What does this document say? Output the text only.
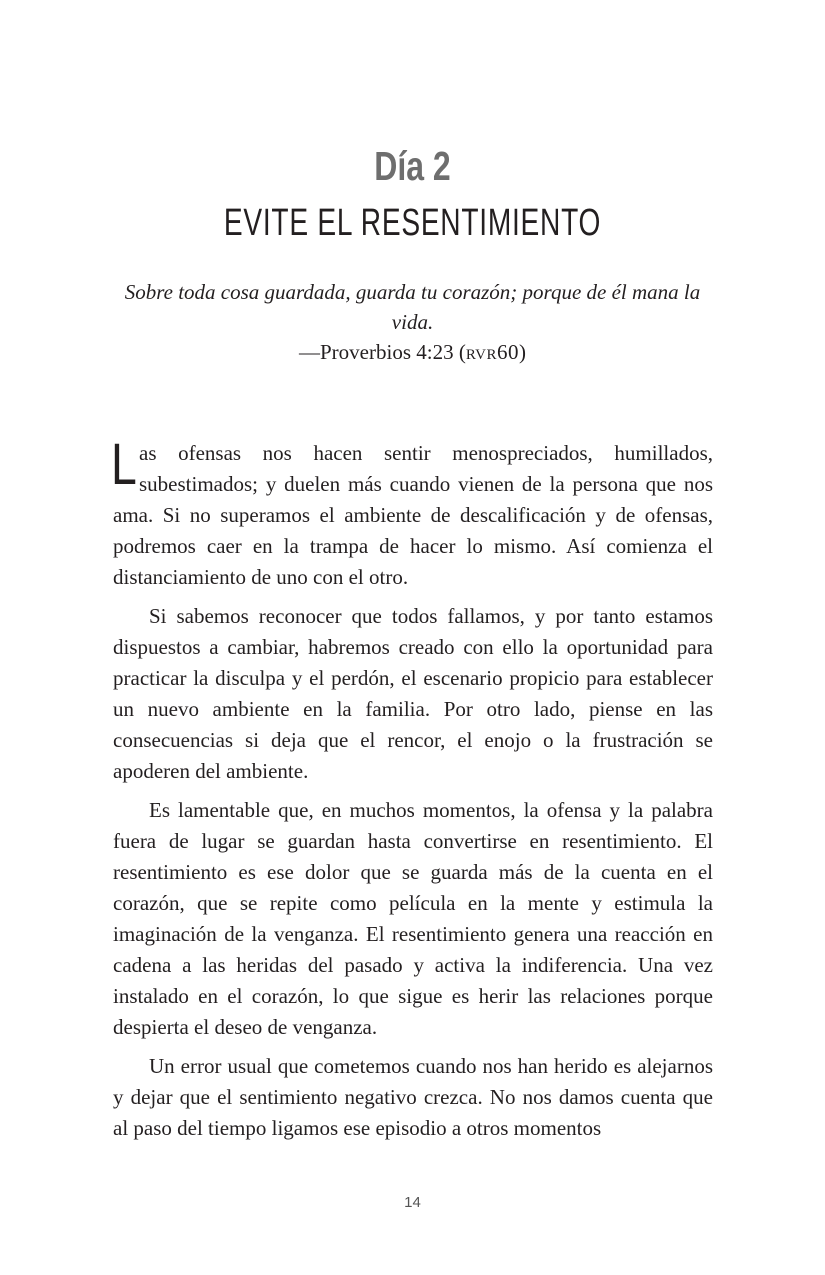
Día 2
EVITE EL RESENTIMIENTO
Sobre toda cosa guardada, guarda tu corazón; porque de él mana la vida.
—Proverbios 4:23 (rvr60)

Las ofensas nos hacen sentir menospreciados, humillados, subestimados; y duelen más cuando vienen de la persona que nos ama. Si no superamos el ambiente de descalificación y de ofensas, podremos caer en la trampa de hacer lo mismo. Así comienza el distanciamiento de uno con el otro.

Si sabemos reconocer que todos fallamos, y por tanto estamos dispuestos a cambiar, habremos creado con ello la oportunidad para practicar la disculpa y el perdón, el escenario propicio para establecer un nuevo ambiente en la familia. Por otro lado, piense en las consecuencias si deja que el rencor, el enojo o la frustración se apoderen del ambiente.

Es lamentable que, en muchos momentos, la ofensa y la palabra fuera de lugar se guardan hasta convertirse en resentimiento. El resentimiento es ese dolor que se guarda más de la cuenta en el corazón, que se repite como película en la mente y estimula la imaginación de la venganza. El resentimiento genera una reacción en cadena a las heridas del pasado y activa la indiferencia. Una vez instalado en el corazón, lo que sigue es herir las relaciones porque despierta el deseo de venganza.

Un error usual que cometemos cuando nos han herido es alejarnos y dejar que el sentimiento negativo crezca. No nos damos cuenta que al paso del tiempo ligamos ese episodio a otros momentos

14
